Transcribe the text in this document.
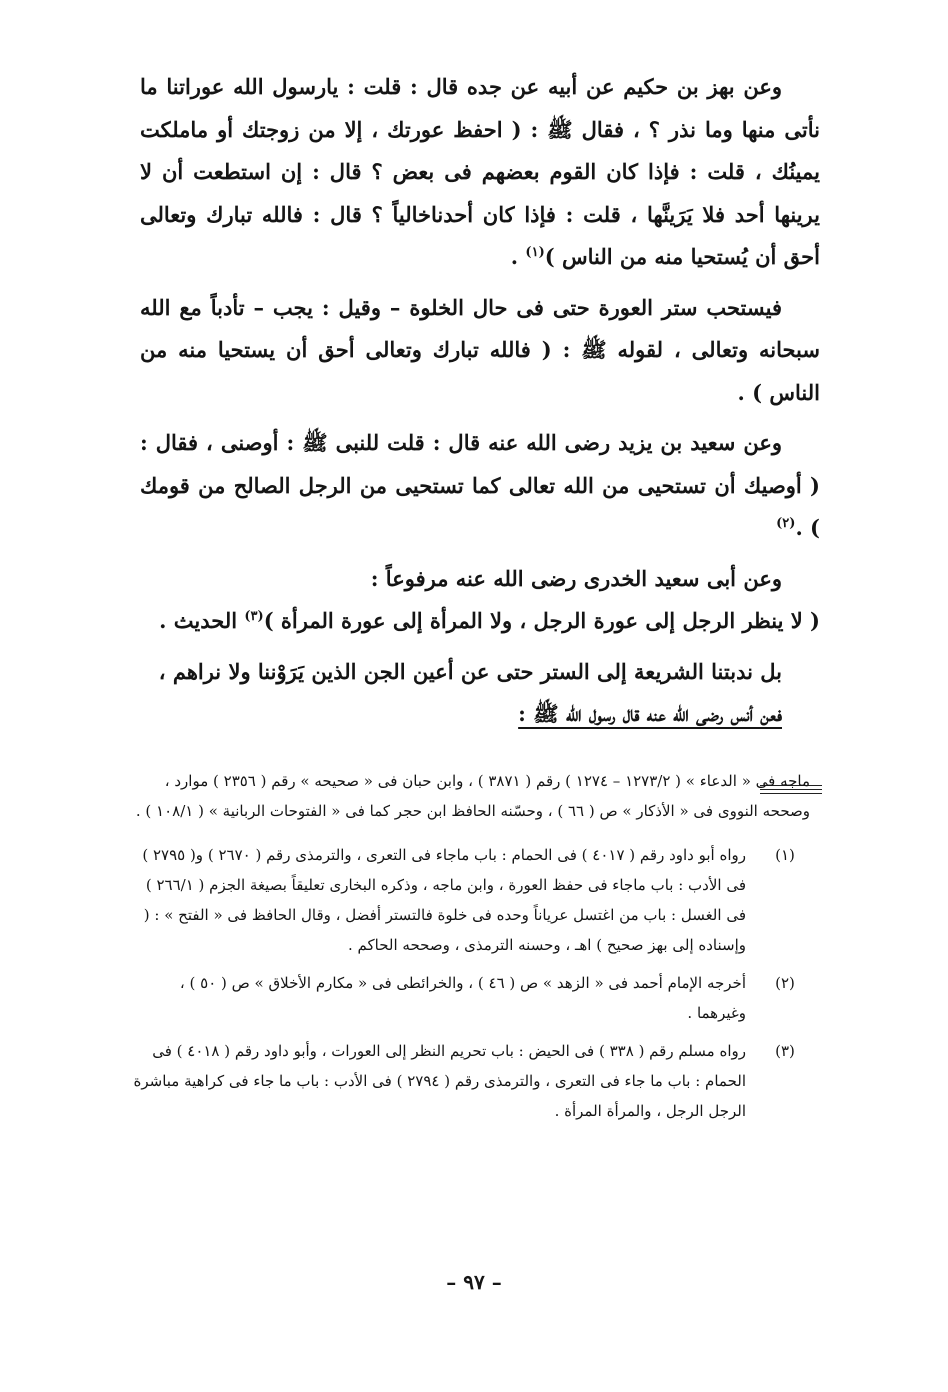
وعن بهز بن حكيم عن أبيه عن جده قال : قلت : يارسول الله عوراتنا ما نأتى منها وما نذر ؟ ، فقال ﷺ : ( احفظ عورتك ، إلا من زوجتك أو ماملكت يمينُك ، قلت : فإذا كان القوم بعضهم فى بعض ؟ قال : إن استطعت أن لا يرينها أحد فلا يَرَينَّها ، قلت : فإذا كان أحدناخالياً ؟ قال : فالله تبارك وتعالى أحق أن يُستحيا منه من الناس )$^{(١)}$ .

فيستحب ستر العورة حتى فى حال الخلوة – وقيل : يجب – تأدباً مع الله سبحانه وتعالى ، لقوله ﷺ : ( فالله تبارك وتعالى أحق أن يستحيا منه من الناس ) .

وعن سعيد بن يزيد رضى الله عنه قال : قلت للنبى ﷺ : أوصنى ، فقال : ( أوصيك أن تستحيى من الله تعالى كما تستحيى من الرجل الصالح من قومك ) .$^{(٢)}$

وعن أبى سعيد الخدرى رضى الله عنه مرفوعاً :
( لا ينظر الرجل إلى عورة الرجل ، ولا المرأة إلى عورة المرأة )$^{(٣)}$ الحديث .

بل ندبتنا الشريعة إلى الستر حتى عن أعين الجن الذين يَرَوْننا ولا نراهم ،
فعن أنس رضى الله عنه قال رسول الله ﷺ :

ماجه فى « الدعاء » ( ١٢٧٣/٢ – ١٢٧٤ ) رقم ( ٣٨٧١ ) ، وابن حبان فى « صحيحه » رقم ( ٢٣٥٦ ) موارد ، وصححه النووى فى « الأذكار » ص ( ٦٦ ) ، وحسّنه الحافظ ابن حجر كما فى « الفتوحات الربانية » ( ١٠٨/١ ) .

(١)
رواه أبو داود رقم ( ٤٠١٧ ) فى الحمام : باب ماجاء فى التعرى ، والترمذى رقم ( ٢٦٧٠ ) و( ٢٧٩٥ ) فى الأدب : باب ماجاء فى حفظ العورة ، وابن ماجه ، وذكره البخارى تعليقاً بصيغة الجزم ( ٢٦٦/١ ) فى الغسل : باب من اغتسل عرياناً وحده فى خلوة فالتستر أفضل ، وقال الحافظ فى « الفتح » : ( وإسناده إلى بهز صحيح ) اهـ ، وحسنه الترمذى ، وصححه الحاكم .
(٢)
أخرجه الإمام أحمد فى « الزهد » ص ( ٤٦ ) ، والخرائطى فى « مكارم الأخلاق » ص ( ٥٠ ) ، وغيرهما .
(٣)
رواه مسلم رقم ( ٣٣٨ ) فى الحيض : باب تحريم النظر إلى العورات ، وأبو داود رقم ( ٤٠١٨ ) فى الحمام : باب ما جاء فى التعرى ، والترمذى رقم ( ٢٧٩٤ ) فى الأدب : باب ما جاء فى كراهية مباشرة الرجل الرجل ، والمرأة المرأة .
– ٩٧ –
